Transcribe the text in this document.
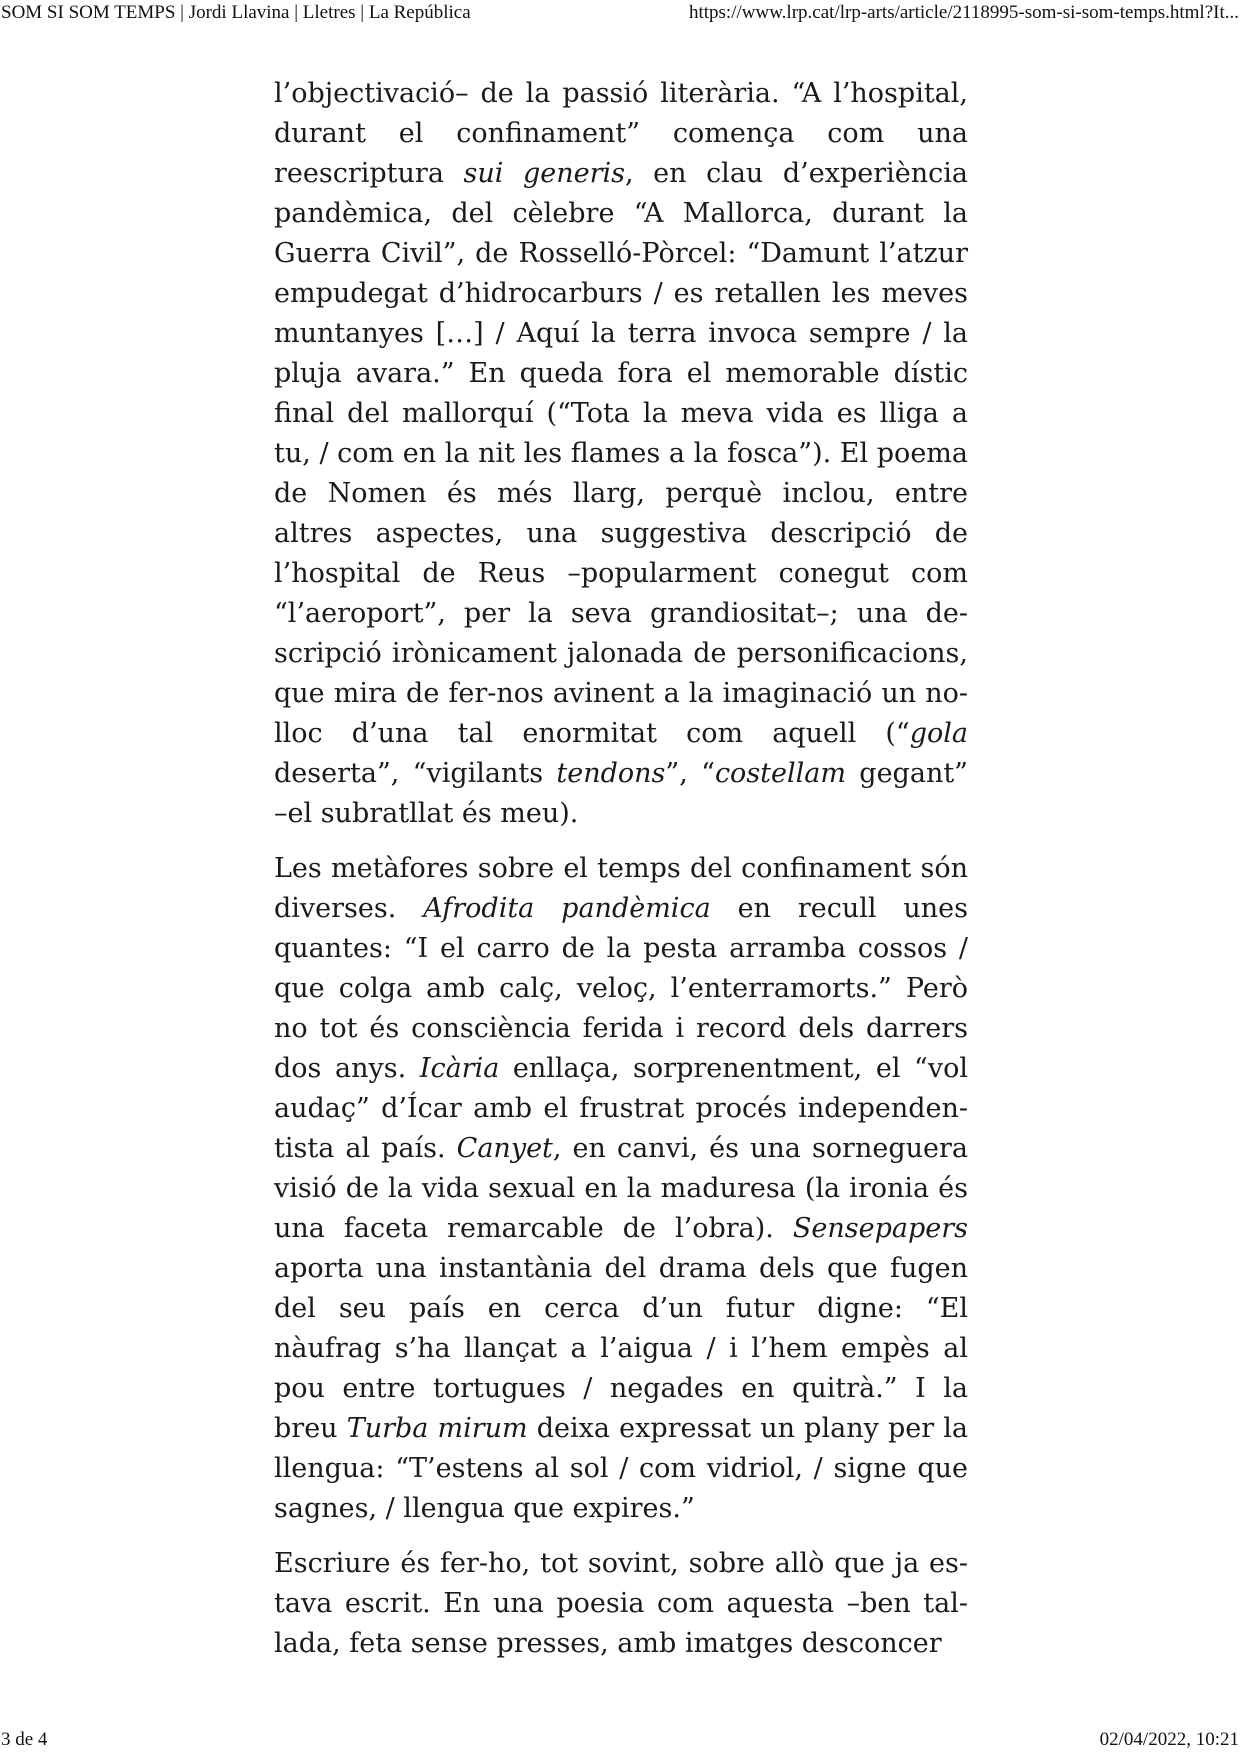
SOM SI SOM TEMPS | Jordi Llavina | Lletres | La República	https://www.lrp.cat/lrp-arts/article/2118995-som-si-som-temps.html?It...

l’objectivació– de la passió literària. “A l’hospital, durant el confinament” comença com una reescriptura sui generis, en clau d’experiència pandèmica, del cèlebre “A Mallorca, durant la Guerra Civil”, de Rosselló-Pòrcel: “Damunt l’atzur empudegat d’hidrocarburs / es retallen les meves muntanyes […] / Aquí la terra invoca sempre / la pluja avara.” En queda fora el memorable dístic final del mallorquí (“Tota la meva vida es lliga a tu, / com en la nit les flames a la fosca”). El poema de Nomen és més llarg, perquè inclou, entre altres aspectes, una suggestiva descripció de l’hospital de Reus –popularment conegut com “l’aeroport”, per la seva grandiositat–; una descripció irònicament jalonada de personificacions, que mira de fer-nos avinent a la imaginació un no-lloc d’una tal enormitat com aquell (“gola deserta”, “vigilants tendons”, “costellam gegant” –el subratllat és meu).

Les metàfores sobre el temps del confinament són diverses. Afrodita pandèmica en recull unes quantes: “I el carro de la pesta arramba cossos / que colga amb calç, veloç, l’enterramorts.” Però no tot és consciència ferida i record dels darrers dos anys. Icària enllaça, sorprenentment, el “vol audaç” d’Ícar amb el frustrat procés independentista al país. Canyet, en canvi, és una sorneguera visió de la vida sexual en la maduresa (la ironia és una faceta remarcable de l’obra). Sensepapers aporta una instantània del drama dels que fugen del seu país en cerca d’un futur digne: “El nàufrag s’ha llançat a l’aigua / i l’hem empès al pou entre tortugues / negades en quitrà.” I la breu Turba mirum deixa expressat un plany per la llengua: “T’estens al sol / com vidriol, / signe que sagnes, / llengua que expires.”

Escriure és fer-ho, tot sovint, sobre allò que ja estava escrit. En una poesia com aquesta –ben tallada, feta sense presses, amb imatges desconcer

3 de 4	02/04/2022, 10:21
